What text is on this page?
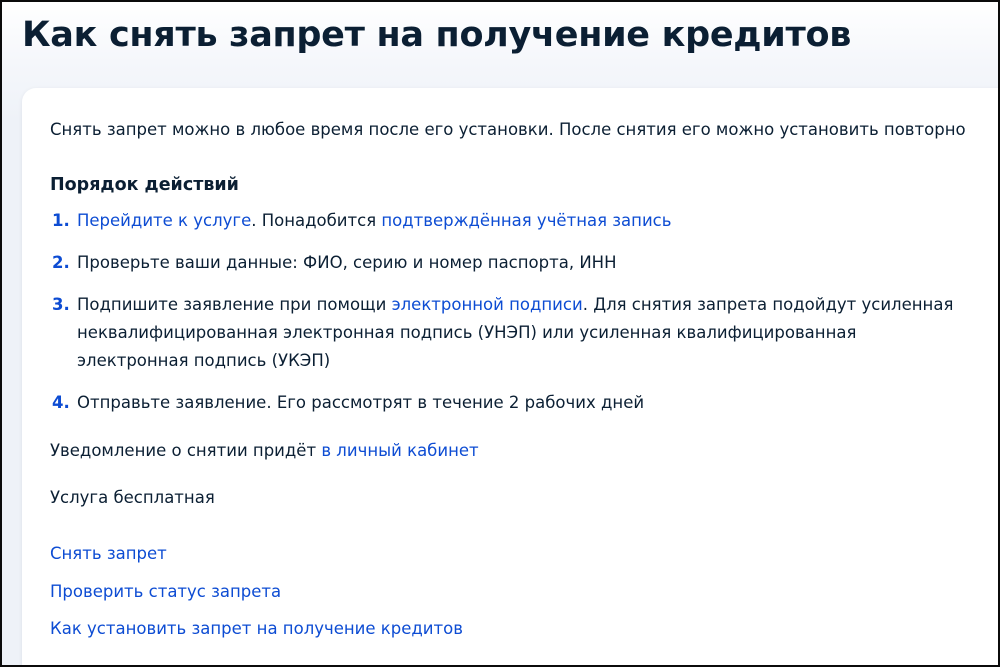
Как снять запрет на получение кредитов

Снять запрет можно в любое время после его установки. После снятия его можно установить повторно

Порядок действий
1. Перейдите к услуге. Понадобится подтверждённая учётная запись
2. Проверьте ваши данные: ФИО, серию и номер паспорта, ИНН
3. Подпишите заявление при помощи электронной подписи. Для снятия запрета подойдут усиленная неквалифицированная электронная подпись (УНЭП) или усиленная квалифицированная электронная подпись (УКЭП)
4. Отправьте заявление. Его рассмотрят в течение 2 рабочих дней

Уведомление о снятии придёт в личный кабинет

Услуга бесплатная

Снять запрет
Проверить статус запрета
Как установить запрет на получение кредитов
